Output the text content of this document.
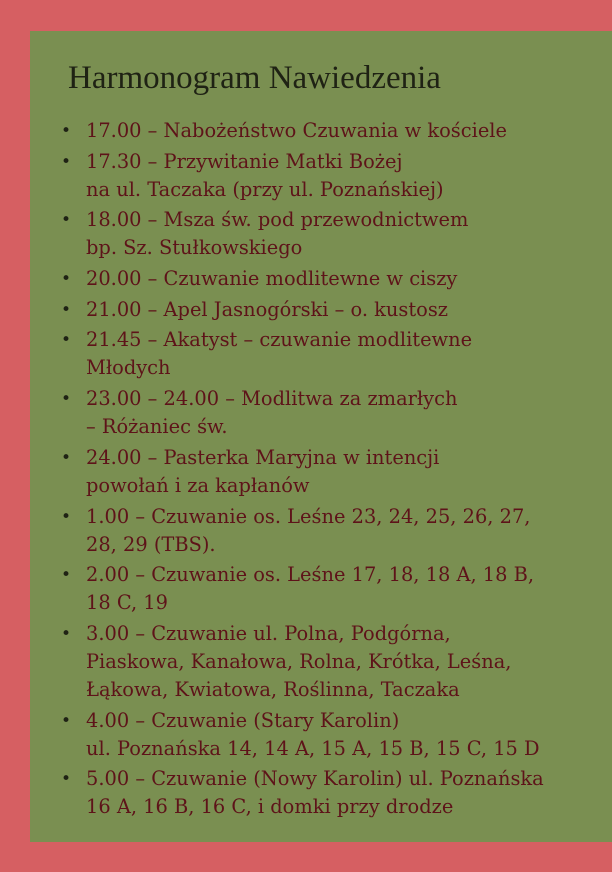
Harmonogram Nawiedzenia
• 17.00 – Nabożeństwo Czuwania w kościele
• 17.30 – Przywitanie Matki Bożej
na ul. Taczaka (przy ul. Poznańskiej)
• 18.00 – Msza św. pod przewodnictwem
bp. Sz. Stułkowskiego
• 20.00 – Czuwanie modlitewne w ciszy
• 21.00 – Apel Jasnogórski – o. kustosz
• 21.45 – Akatyst – czuwanie modlitewne
Młodych
• 23.00 – 24.00 – Modlitwa za zmarłych
– Różaniec św.
• 24.00 – Pasterka Maryjna w intencji
powołań i za kapłanów
• 1.00 – Czuwanie os. Leśne 23, 24, 25, 26, 27,
28, 29 (TBS).
• 2.00 – Czuwanie os. Leśne 17, 18, 18 A, 18 B,
18 C, 19
• 3.00 – Czuwanie ul. Polna, Podgórna,
Piaskowa, Kanałowa, Rolna, Krótka, Leśna,
Łąkowa, Kwiatowa, Roślinna, Taczaka
• 4.00 – Czuwanie (Stary Karolin)
ul. Poznańska 14, 14 A, 15 A, 15 B, 15 C, 15 D
• 5.00 – Czuwanie (Nowy Karolin) ul. Poznańska
16 A, 16 B, 16 C, i domki przy drodze
